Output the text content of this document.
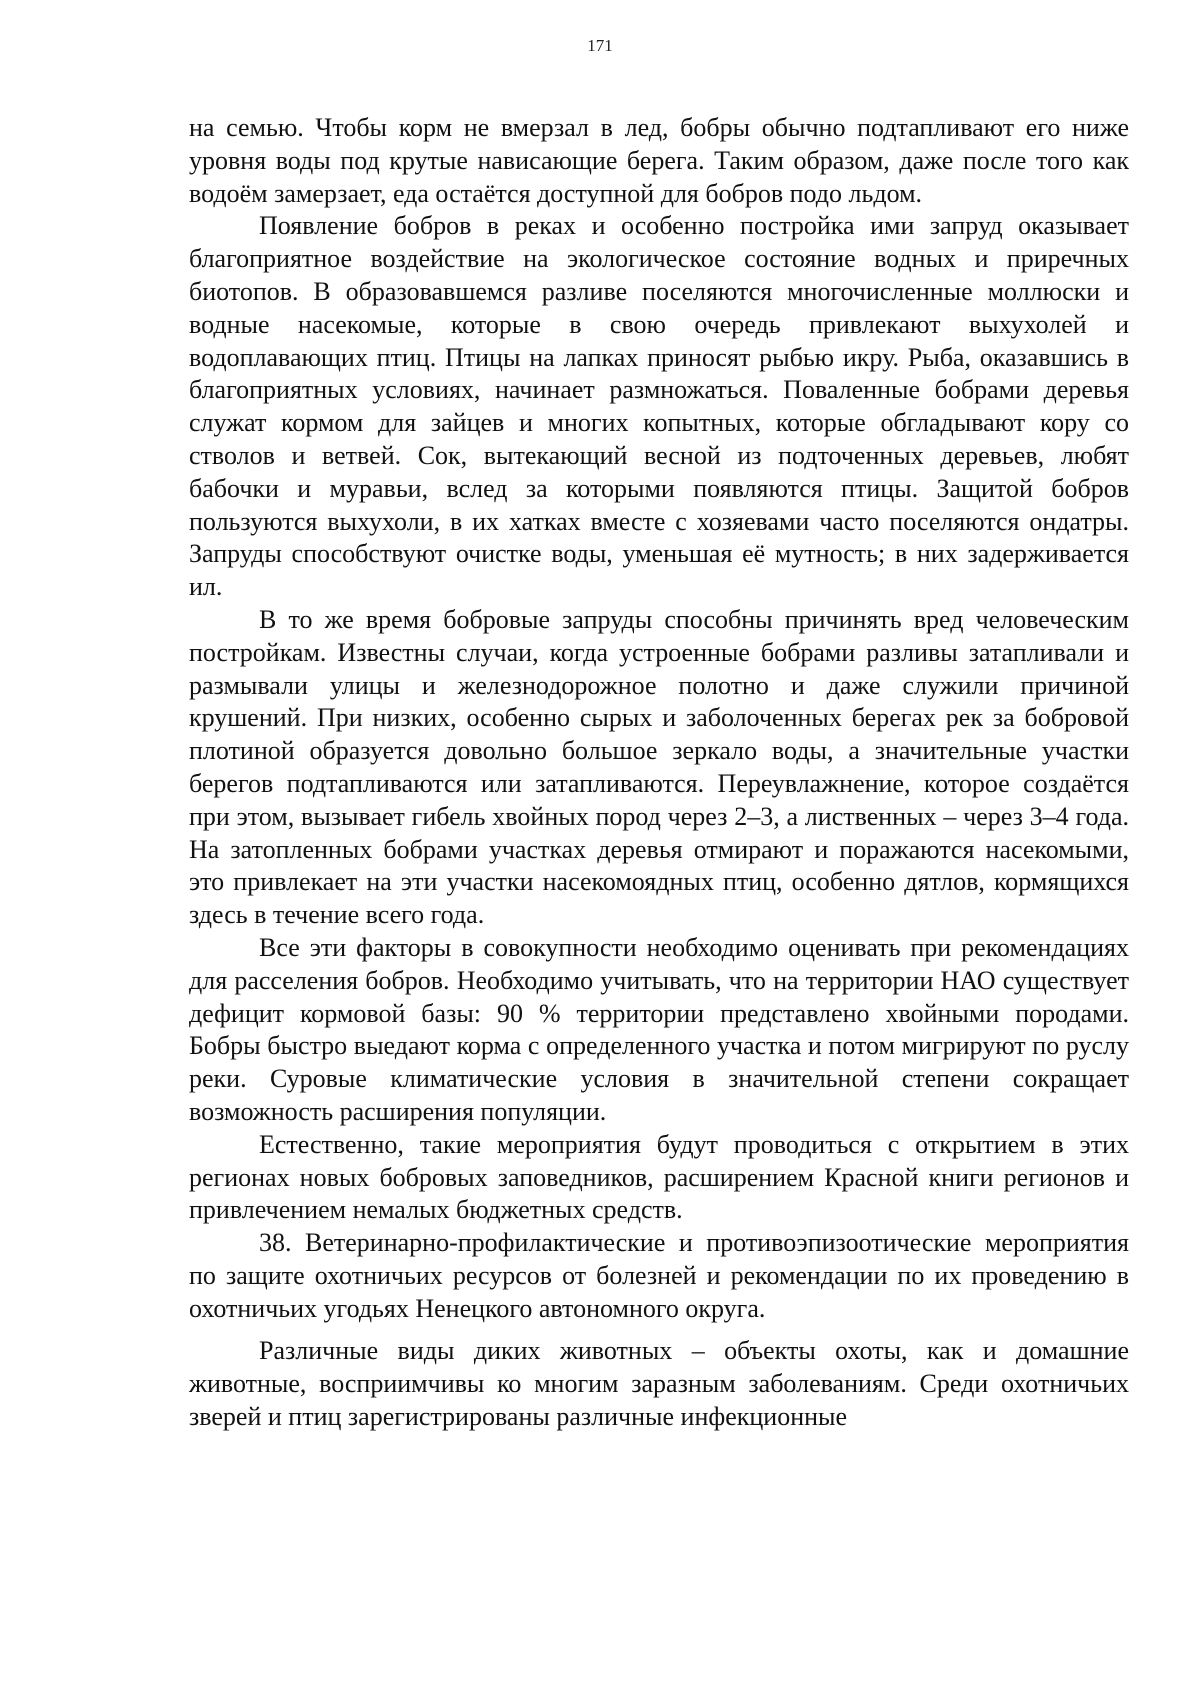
171

на семью. Чтобы корм не вмерзал в лед, бобры обычно подтапливают его ниже уровня воды под крутые нависающие берега. Таким образом, даже после того как водоём замерзает, еда остаётся доступной для бобров подо льдом.

Появление бобров в реках и особенно постройка ими запруд оказывает благоприятное воздействие на экологическое состояние водных и приречных биотопов. В образовавшемся разливе поселяются многочисленные моллюски и водные насекомые, которые в свою очередь привлекают выхухолей и водоплавающих птиц. Птицы на лапках приносят рыбью икру. Рыба, оказавшись в благоприятных условиях, начинает размножаться. Поваленные бобрами деревья служат кормом для зайцев и многих копытных, которые обгладывают кору со стволов и ветвей. Сок, вытекающий весной из подточенных деревьев, любят бабочки и муравьи, вслед за которыми появляются птицы. Защитой бобров пользуются выхухоли, в их хатках вместе с хозяевами часто поселяются ондатры. Запруды способствуют очистке воды, уменьшая её мутность; в них задерживается ил.

В то же время бобровые запруды способны причинять вред человеческим постройкам. Известны случаи, когда устроенные бобрами разливы затапливали и размывали улицы и железнодорожное полотно и даже служили причиной крушений. При низких, особенно сырых и заболоченных берегах рек за бобровой плотиной образуется довольно большое зеркало воды, а значительные участки берегов подтапливаются или затапливаются. Переувлажнение, которое создаётся при этом, вызывает гибель хвойных пород через 2–3, а лиственных – через 3–4 года. На затопленных бобрами участках деревья отмирают и поражаются насекомыми, это привлекает на эти участки насекомоядных птиц, особенно дятлов, кормящихся здесь в течение всего года.

Все эти факторы в совокупности необходимо оценивать при рекомендациях для расселения бобров. Необходимо учитывать, что на территории НАО существует дефицит кормовой базы: 90 % территории представлено хвойными породами. Бобры быстро выедают корма с определенного участка и потом мигрируют по руслу реки. Суровые климатические условия в значительной степени сокращает возможность расширения популяции.

Естественно, такие мероприятия будут проводиться с открытием в этих регионах новых бобровых заповедников, расширением Красной книги регионов и привлечением немалых бюджетных средств.

38. Ветеринарно-профилактические и противоэпизоотические мероприятия по защите охотничьих ресурсов от болезней и рекомендации по их проведению в охотничьих угодьях Ненецкого автономного округа.

Различные виды диких животных – объекты охоты, как и домашние животные, восприимчивы ко многим заразным заболеваниям. Среди охотничьих зверей и птиц зарегистрированы различные инфекционные
